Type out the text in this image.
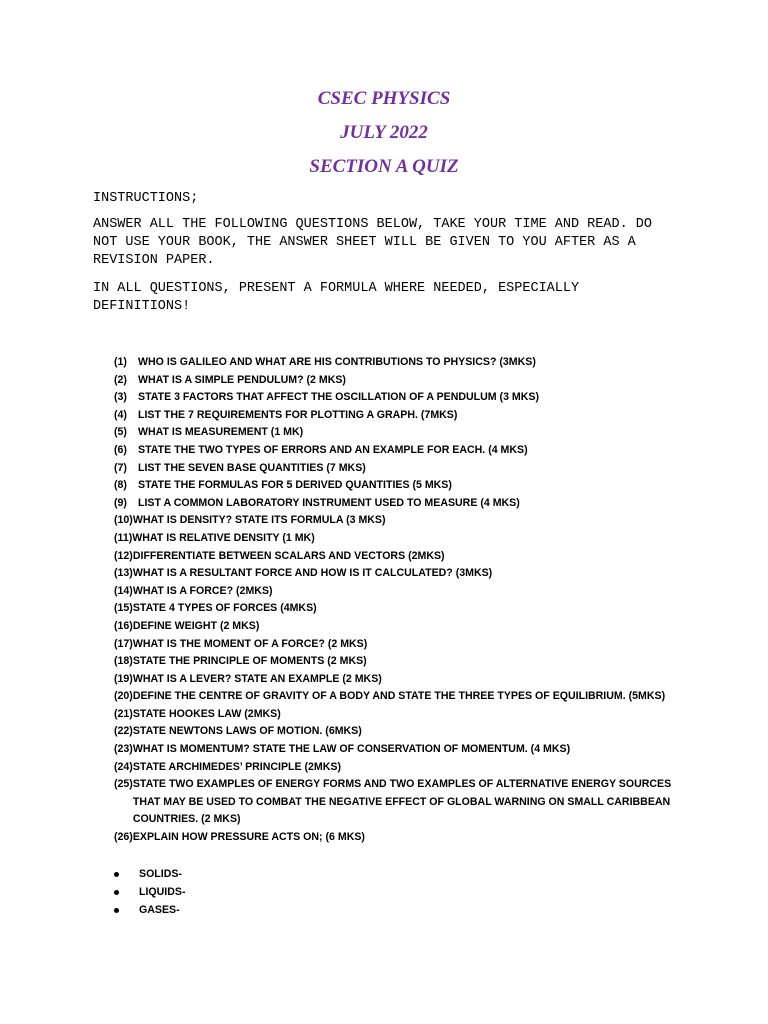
CSEC PHYSICS
JULY 2022
SECTION A QUIZ

INSTRUCTIONS;

ANSWER ALL THE FOLLOWING QUESTIONS BELOW, TAKE YOUR TIME AND READ. DO NOT USE YOUR BOOK, THE ANSWER SHEET WILL BE GIVEN TO YOU AFTER AS A REVISION PAPER.

IN ALL QUESTIONS, PRESENT A FORMULA WHERE NEEDED, ESPECIALLY DEFINITIONS!

(1)	WHO IS GALILEO AND WHAT ARE HIS CONTRIBUTIONS TO PHYSICS? (3MKS)
(2)	WHAT IS A SIMPLE PENDULUM? (2 MKS)
(3)	STATE 3 FACTORS THAT AFFECT THE OSCILLATION OF A PENDULUM (3 MKS)
(4)	LIST THE 7 REQUIREMENTS FOR PLOTTING A GRAPH. (7MKS)
(5)	WHAT IS MEASUREMENT (1 MK)
(6)	STATE THE TWO TYPES OF ERRORS AND AN EXAMPLE FOR EACH. (4 MKS)
(7)	LIST THE SEVEN BASE QUANTITIES (7 MKS)
(8)	STATE THE FORMULAS FOR 5 DERIVED QUANTITIES (5 MKS)
(9)	LIST A COMMON LABORATORY INSTRUMENT USED TO MEASURE (4 MKS)
(10) WHAT IS DENSITY? STATE ITS FORMULA (3 MKS)
(11) WHAT IS RELATIVE DENSITY (1 MK)
(12) DIFFERENTIATE BETWEEN SCALARS AND VECTORS (2MKS)
(13) WHAT IS A RESULTANT FORCE AND HOW IS IT CALCULATED? (3MKS)
(14) WHAT IS A FORCE? (2MKS)
(15) STATE 4 TYPES OF FORCES (4MKS)
(16) DEFINE WEIGHT (2 MKS)
(17) WHAT IS THE MOMENT OF A FORCE? (2 MKS)
(18) STATE THE PRINCIPLE OF MOMENTS (2 MKS)
(19) WHAT IS A LEVER? STATE AN EXAMPLE (2 MKS)
(20) DEFINE THE CENTRE OF GRAVITY OF A BODY AND STATE THE THREE TYPES OF EQUILIBRIUM. (5MKS)
(21) STATE HOOKES LAW (2MKS)
(22) STATE NEWTONS LAWS OF MOTION. (6MKS)
(23) WHAT IS MOMENTUM? STATE THE LAW OF CONSERVATION OF MOMENTUM. (4 MKS)
(24) STATE ARCHIMEDES’ PRINCIPLE (2MKS)
(25) STATE TWO EXAMPLES OF ENERGY FORMS AND TWO EXAMPLES OF ALTERNATIVE ENERGY SOURCES THAT MAY BE USED TO COMBAT THE NEGATIVE EFFECT OF GLOBAL WARNING ON SMALL CARIBBEAN COUNTRIES. (2 MKS)
(26) EXPLAIN HOW PRESSURE ACTS ON; (6 MKS)
SOLIDS-
LIQUIDS-
GASES-
